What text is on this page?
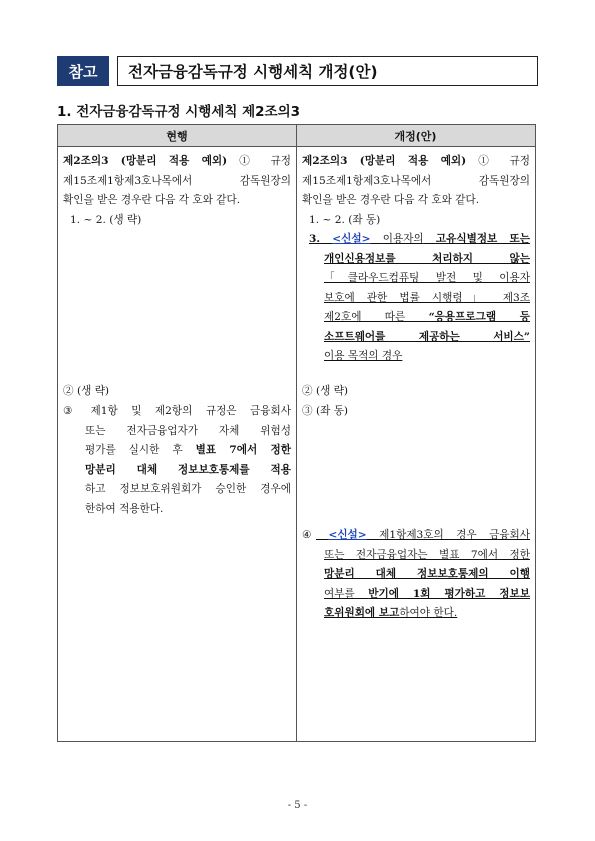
참고	전자금융감독규정 시행세칙 개정(안)
1. 전자금융감독규정 시행세칙 제2조의3
현행	개정(안)
제2조의3 (망분리 적용 예외) ① 규정
제15조제1항제3호나목에서 감독원장의
확인을 받은 경우란 다음 각 호와 같다.
1. ~ 2. (생 략)
② (생 략)
③ 제1항 및 제2항의 규정은 금융회사
또는 전자금융업자가 자체 위험성
평가를 실시한 후 별표 7에서 정한
망분리 대체 정보보호통제를 적용
하고 정보보호위원회가 승인한 경우에
한하여 적용한다.
제2조의3 (망분리 적용 예외) ① 규정
제15조제1항제3호나목에서 감독원장의
확인을 받은 경우란 다음 각 호와 같다.
1. ~ 2. (좌 동)
3. <신설> 이용자의 고유식별정보 또는
개인신용정보를 처리하지 않는
「클라우드컴퓨팅 발전 및 이용자
보호에 관한 법률 시행령」 제3조
제2호에 따른 “응용프로그램 등
소프트웨어를 제공하는 서비스”
이용 목적의 경우
② (생 략)
③ (좌 동)
④ <신설> 제1항제3호의 경우 금융회사
또는 전자금융업자는 별표 7에서 정한
망분리 대체 정보보호통제의 이행
여부를 반기에 1회 평가하고 정보보
호위원회에 보고하여야 한다.
- 5 -
